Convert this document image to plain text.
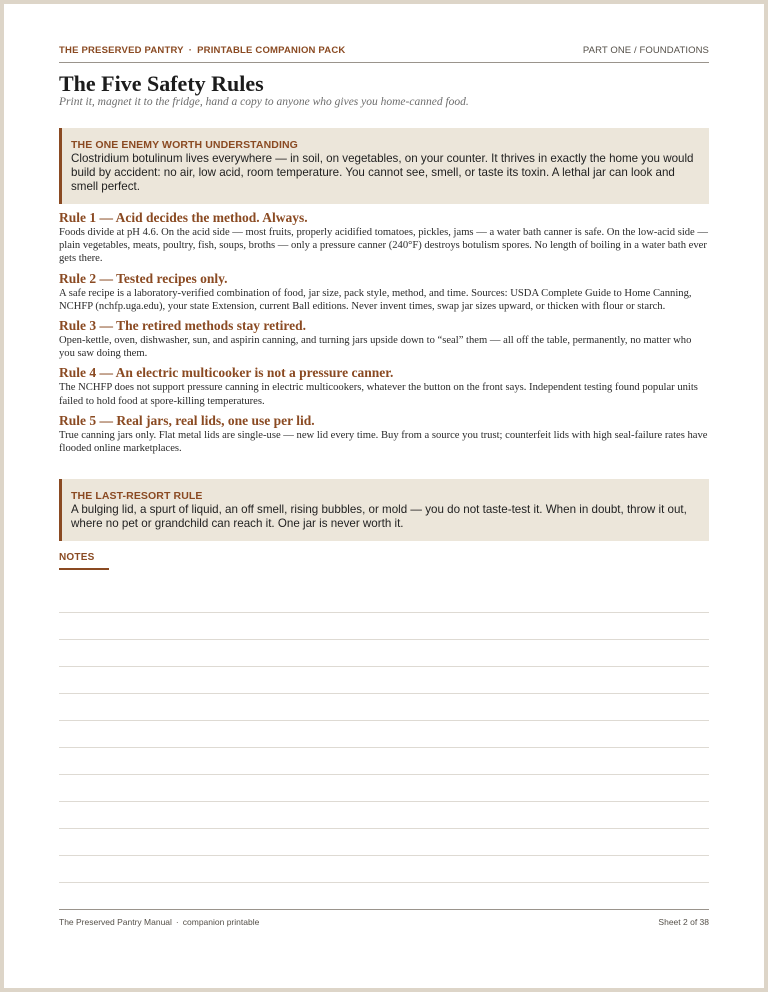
THE PRESERVED PANTRY · PRINTABLE COMPANION PACK	PART ONE / FOUNDATIONS
The Five Safety Rules

Print it, magnet it to the fridge, hand a copy to anyone who gives you home-canned food.

THE ONE ENEMY WORTH UNDERSTANDING
Clostridium botulinum lives everywhere — in soil, on vegetables, on your counter. It thrives in exactly the home you would build by accident: no air, low acid, room temperature. You cannot see, smell, or taste its toxin. A lethal jar can look and smell perfect.
Rule 1 — Acid decides the method. Always.
Foods divide at pH 4.6. On the acid side — most fruits, properly acidified tomatoes, pickles, jams — a water bath canner is safe. On the low-acid side — plain vegetables, meats, poultry, fish, soups, broths — only a pressure canner (240°F) destroys botulism spores. No length of boiling in a water bath ever gets there.
Rule 2 — Tested recipes only.
A safe recipe is a laboratory-verified combination of food, jar size, pack style, method, and time. Sources: USDA Complete Guide to Home Canning, NCHFP (nchfp.uga.edu), your state Extension, current Ball editions. Never invent times, swap jar sizes upward, or thicken with flour or starch.
Rule 3 — The retired methods stay retired.
Open-kettle, oven, dishwasher, sun, and aspirin canning, and turning jars upside down to “seal” them — all off the table, permanently, no matter who you saw doing them.
Rule 4 — An electric multicooker is not a pressure canner.
The NCHFP does not support pressure canning in electric multicookers, whatever the button on the front says. Independent testing found popular units failed to hold food at spore-killing temperatures.
Rule 5 — Real jars, real lids, one use per lid.
True canning jars only. Flat metal lids are single-use — new lid every time. Buy from a source you trust; counterfeit lids with high seal-failure rates have flooded online marketplaces.
THE LAST-RESORT RULE
A bulging lid, a spurt of liquid, an off smell, rising bubbles, or mold — you do not taste-test it. When in doubt, throw it out, where no pet or grandchild can reach it. One jar is never worth it.
NOTES
The Preserved Pantry Manual · companion printable	Sheet 2 of 38
